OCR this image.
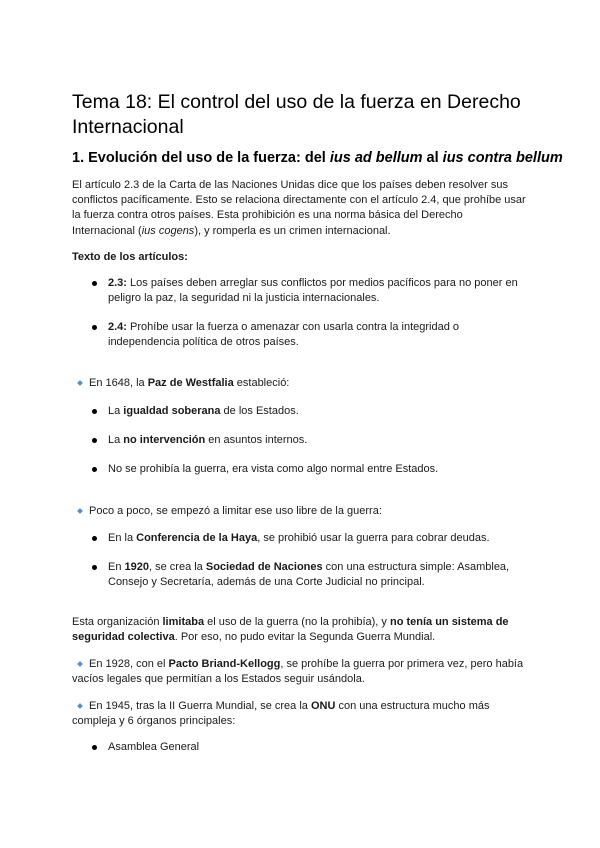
Tema 18: El control del uso de la fuerza en Derecho Internacional
1. Evolución del uso de la fuerza: del ius ad bellum al ius contra bellum
El artículo 2.3 de la Carta de las Naciones Unidas dice que los países deben resolver sus conflictos pacíficamente. Esto se relaciona directamente con el artículo 2.4, que prohíbe usar la fuerza contra otros países. Esta prohibición es una norma básica del Derecho Internacional (ius cogens), y romperla es un crimen internacional.
Texto de los artículos:
2.3: Los países deben arreglar sus conflictos por medios pacíficos para no poner en peligro la paz, la seguridad ni la justicia internacionales.
2.4: Prohíbe usar la fuerza o amenazar con usarla contra la integridad o independencia política de otros países.
En 1648, la Paz de Westfalia estableció:
La igualdad soberana de los Estados.
La no intervención en asuntos internos.
No se prohibía la guerra, era vista como algo normal entre Estados.
Poco a poco, se empezó a limitar ese uso libre de la guerra:
En la Conferencia de la Haya, se prohibió usar la guerra para cobrar deudas.
En 1920, se crea la Sociedad de Naciones con una estructura simple: Asamblea, Consejo y Secretaría, además de una Corte Judicial no principal.
Esta organización limitaba el uso de la guerra (no la prohibía), y no tenía un sistema de seguridad colectiva. Por eso, no pudo evitar la Segunda Guerra Mundial.
En 1928, con el Pacto Briand-Kellogg, se prohíbe la guerra por primera vez, pero había vacíos legales que permitían a los Estados seguir usándola.
En 1945, tras la II Guerra Mundial, se crea la ONU con una estructura mucho más compleja y 6 órganos principales:
Asamblea General
